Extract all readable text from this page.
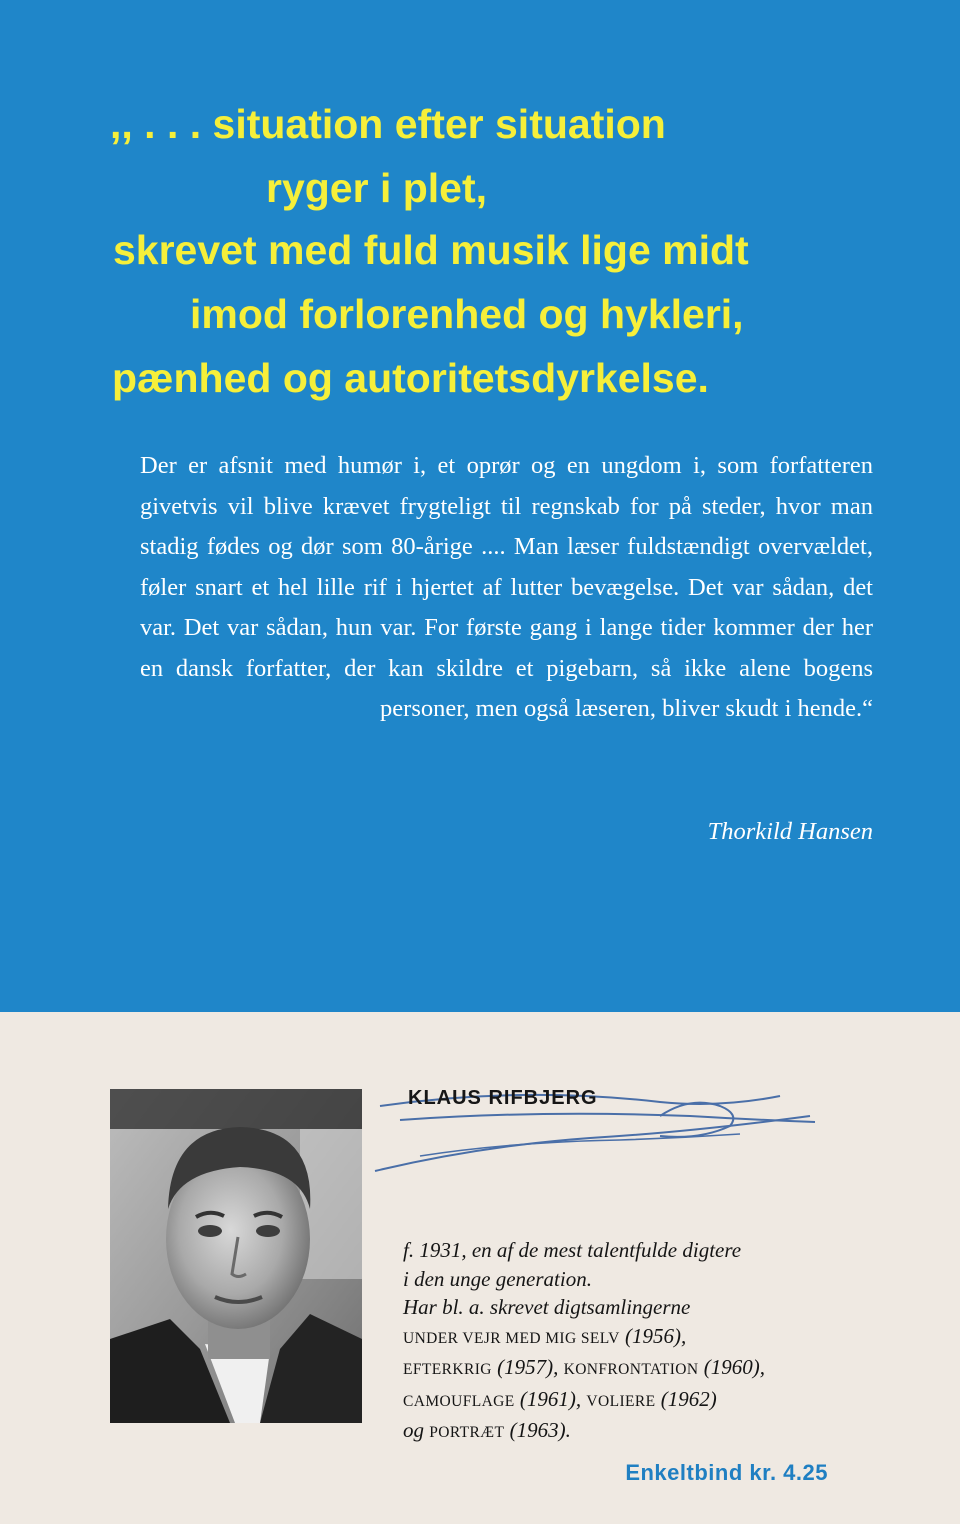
,, . . . situation efter situation

ryger i plet,

skrevet med fuld musik lige midt

imod forlorenhed og hykleri,

pænhed og autoritetsdyrkelse.

Der er afsnit med humør i, et oprør og en ungdom i, som forfatteren givetvis vil blive krævet frygteligt til regnskab for på steder, hvor man stadig fødes og dør som 80-årige .... Man læser fuldstændigt overvældet, føler snart et hel lille rif i hjertet af lutter bevægelse. Det var sådan, det var. Det var sådan, hun var. For første gang i lange tider kommer der her en dansk forfatter, der kan skildre et pigebarn, så ikke alene bogens personer, men også læseren, bliver skudt i hende.“

Thorkild Hansen

KLAUS RIFBJERG

f. 1931, en af de mest talentfulde digtere
i den unge generation.
Har bl. a. skrevet digtsamlingerne
UNDER VEJR MED MIG SELV (1956),
EFTERKRIG (1957), KONFRONTATION (1960),
CAMOUFLAGE (1961), VOLIERE (1962)
og PORTRÆT (1963).

Enkeltbind kr. 4.25
